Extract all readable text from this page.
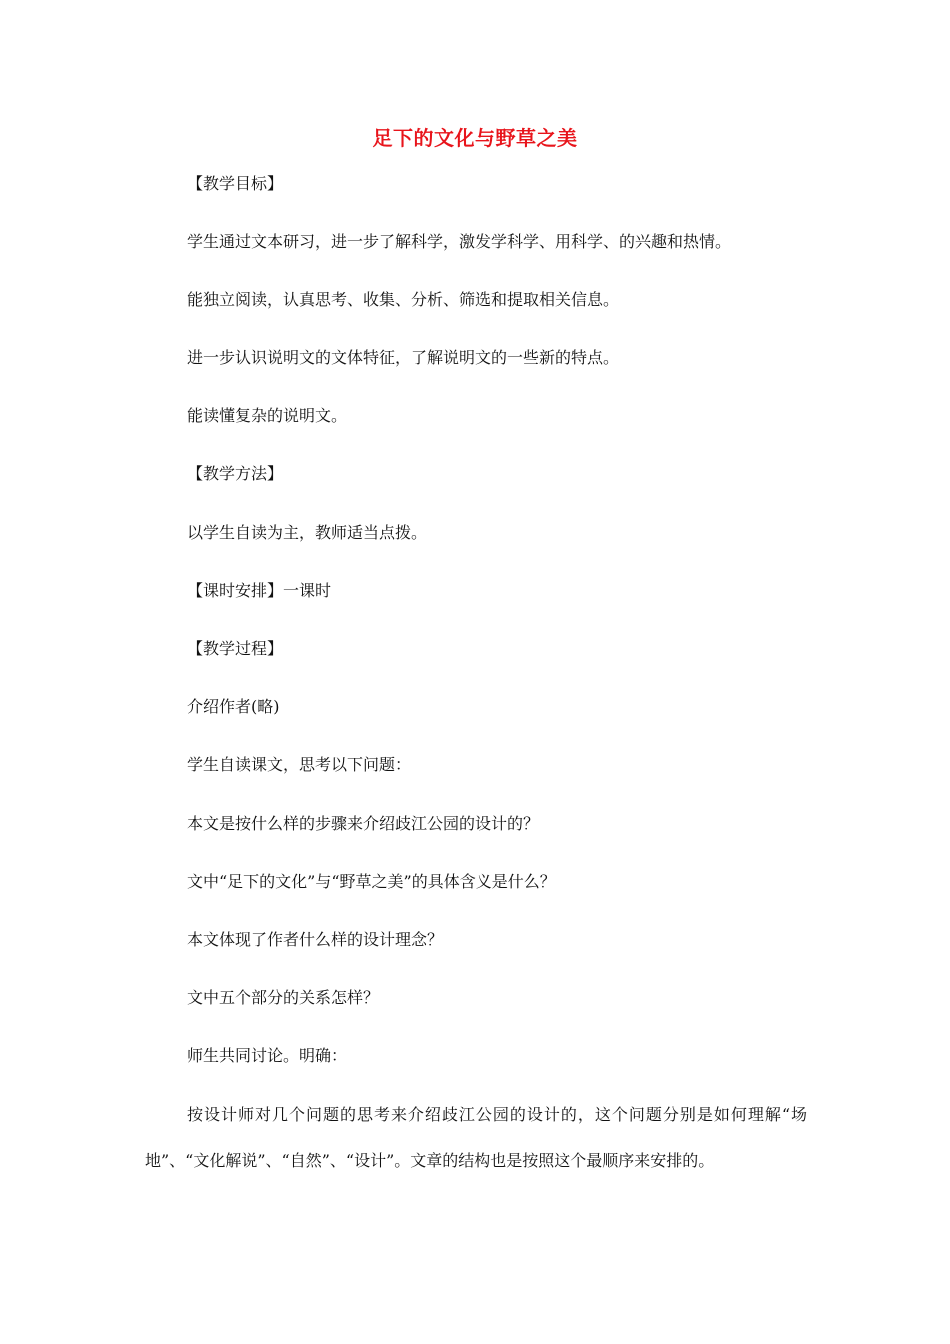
足下的文化与野草之美
【教学目标】
学生通过文本研习，进一步了解科学，激发学科学、用科学、的兴趣和热情。
能独立阅读，认真思考、收集、分析、筛选和提取相关信息。
进一步认识说明文的文体特征，了解说明文的一些新的特点。
能读懂复杂的说明文。
【教学方法】
以学生自读为主，教师适当点拨。
【课时安排】一课时
【教学过程】
介绍作者(略)
学生自读课文，思考以下问题：
本文是按什么样的步骤来介绍歧江公园的设计的？
文中“足下的文化”与“野草之美”的具体含义是什么？
本文体现了作者什么样的设计理念？
文中五个部分的关系怎样？
师生共同讨论。明确：
按设计师对几个问题的思考来介绍歧江公园的设计的，这个问题分别是如何理解“场地”、“文化解说”、“自然”、“设计”。文章的结构也是按照这个最顺序来安排的。
